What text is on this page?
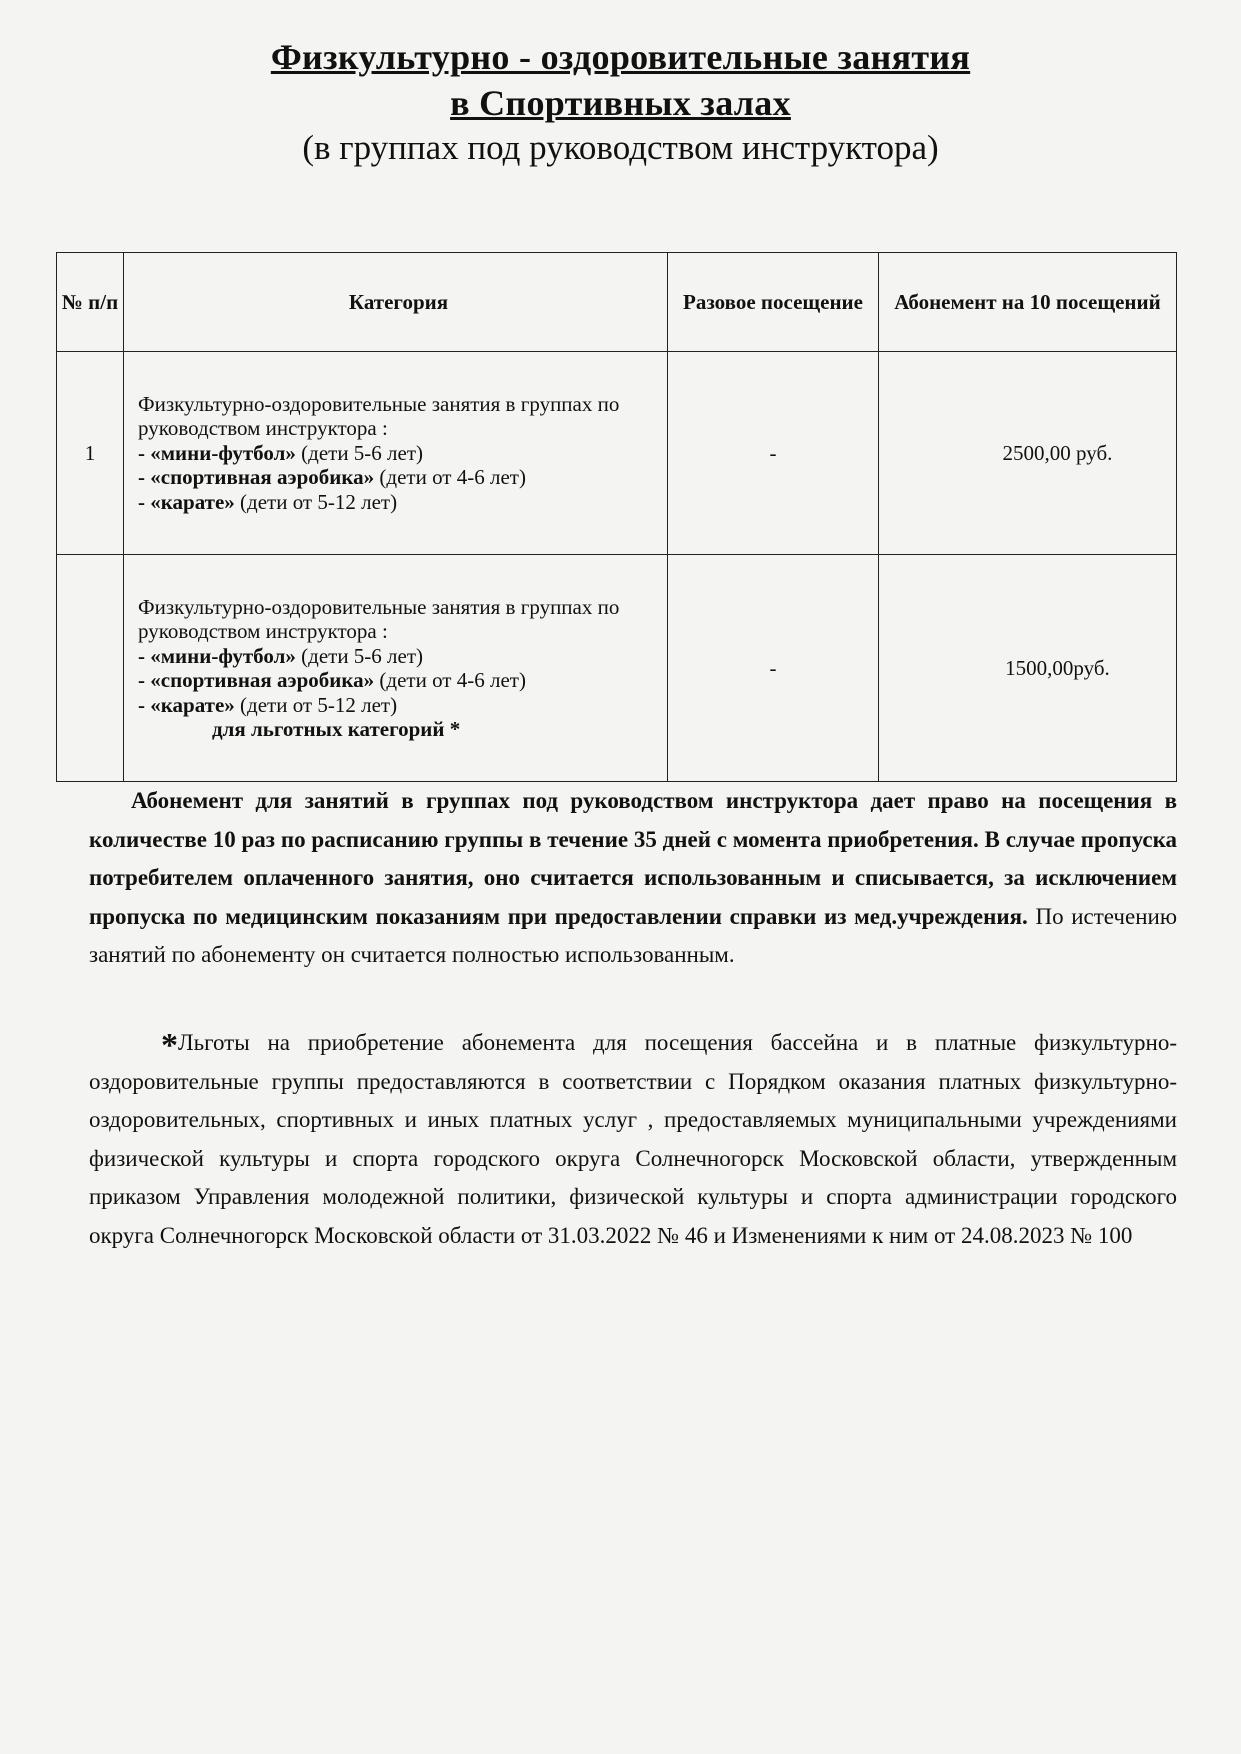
Физкультурно - оздоровительные занятия
в Спортивных залах
(в группах под руководством инструктора)
№ п/п	Категория	Разовое посещение	Абонемент на 10 посещений
1	Физкультурно-оздоровительные занятия в группах по руководством инструктора :
- «мини-футбол» (дети 5-6 лет)
- «спортивная аэробика» (дети от 4-6 лет)
- «карате» (дети от 5-12 лет)	-	2500,00 руб.
	Физкультурно-оздоровительные занятия в группах по руководством инструктора :
- «мини-футбол» (дети 5-6 лет)
- «спортивная аэробика» (дети от 4-6 лет)
- «карате» (дети от 5-12 лет)
для льготных категорий *	-	1500,00руб.
Абонемент для занятий в группах под руководством инструктора дает право на посещения в количестве 10 раз по расписанию группы в течение 35 дней с момента приобретения. В случае пропуска потребителем оплаченного занятия, оно считается использованным и списывается, за исключением пропуска по медицинским показаниям при предоставлении справки из мед.учреждения. По истечению занятий по абонементу он считается полностью использованным.
*Льготы на приобретение абонемента для посещения бассейна и в платные физкультурно-оздоровительные группы предоставляются в соответствии с Порядком оказания платных физкультурно-оздоровительных, спортивных и иных платных услуг , предоставляемых муниципальными учреждениями физической культуры и спорта городского округа Солнечногорск Московской области, утвержденным приказом Управления молодежной политики, физической культуры и спорта администрации городского округа Солнечногорск Московской области от 31.03.2022 № 46 и Изменениями к ним от 24.08.2023 № 100
